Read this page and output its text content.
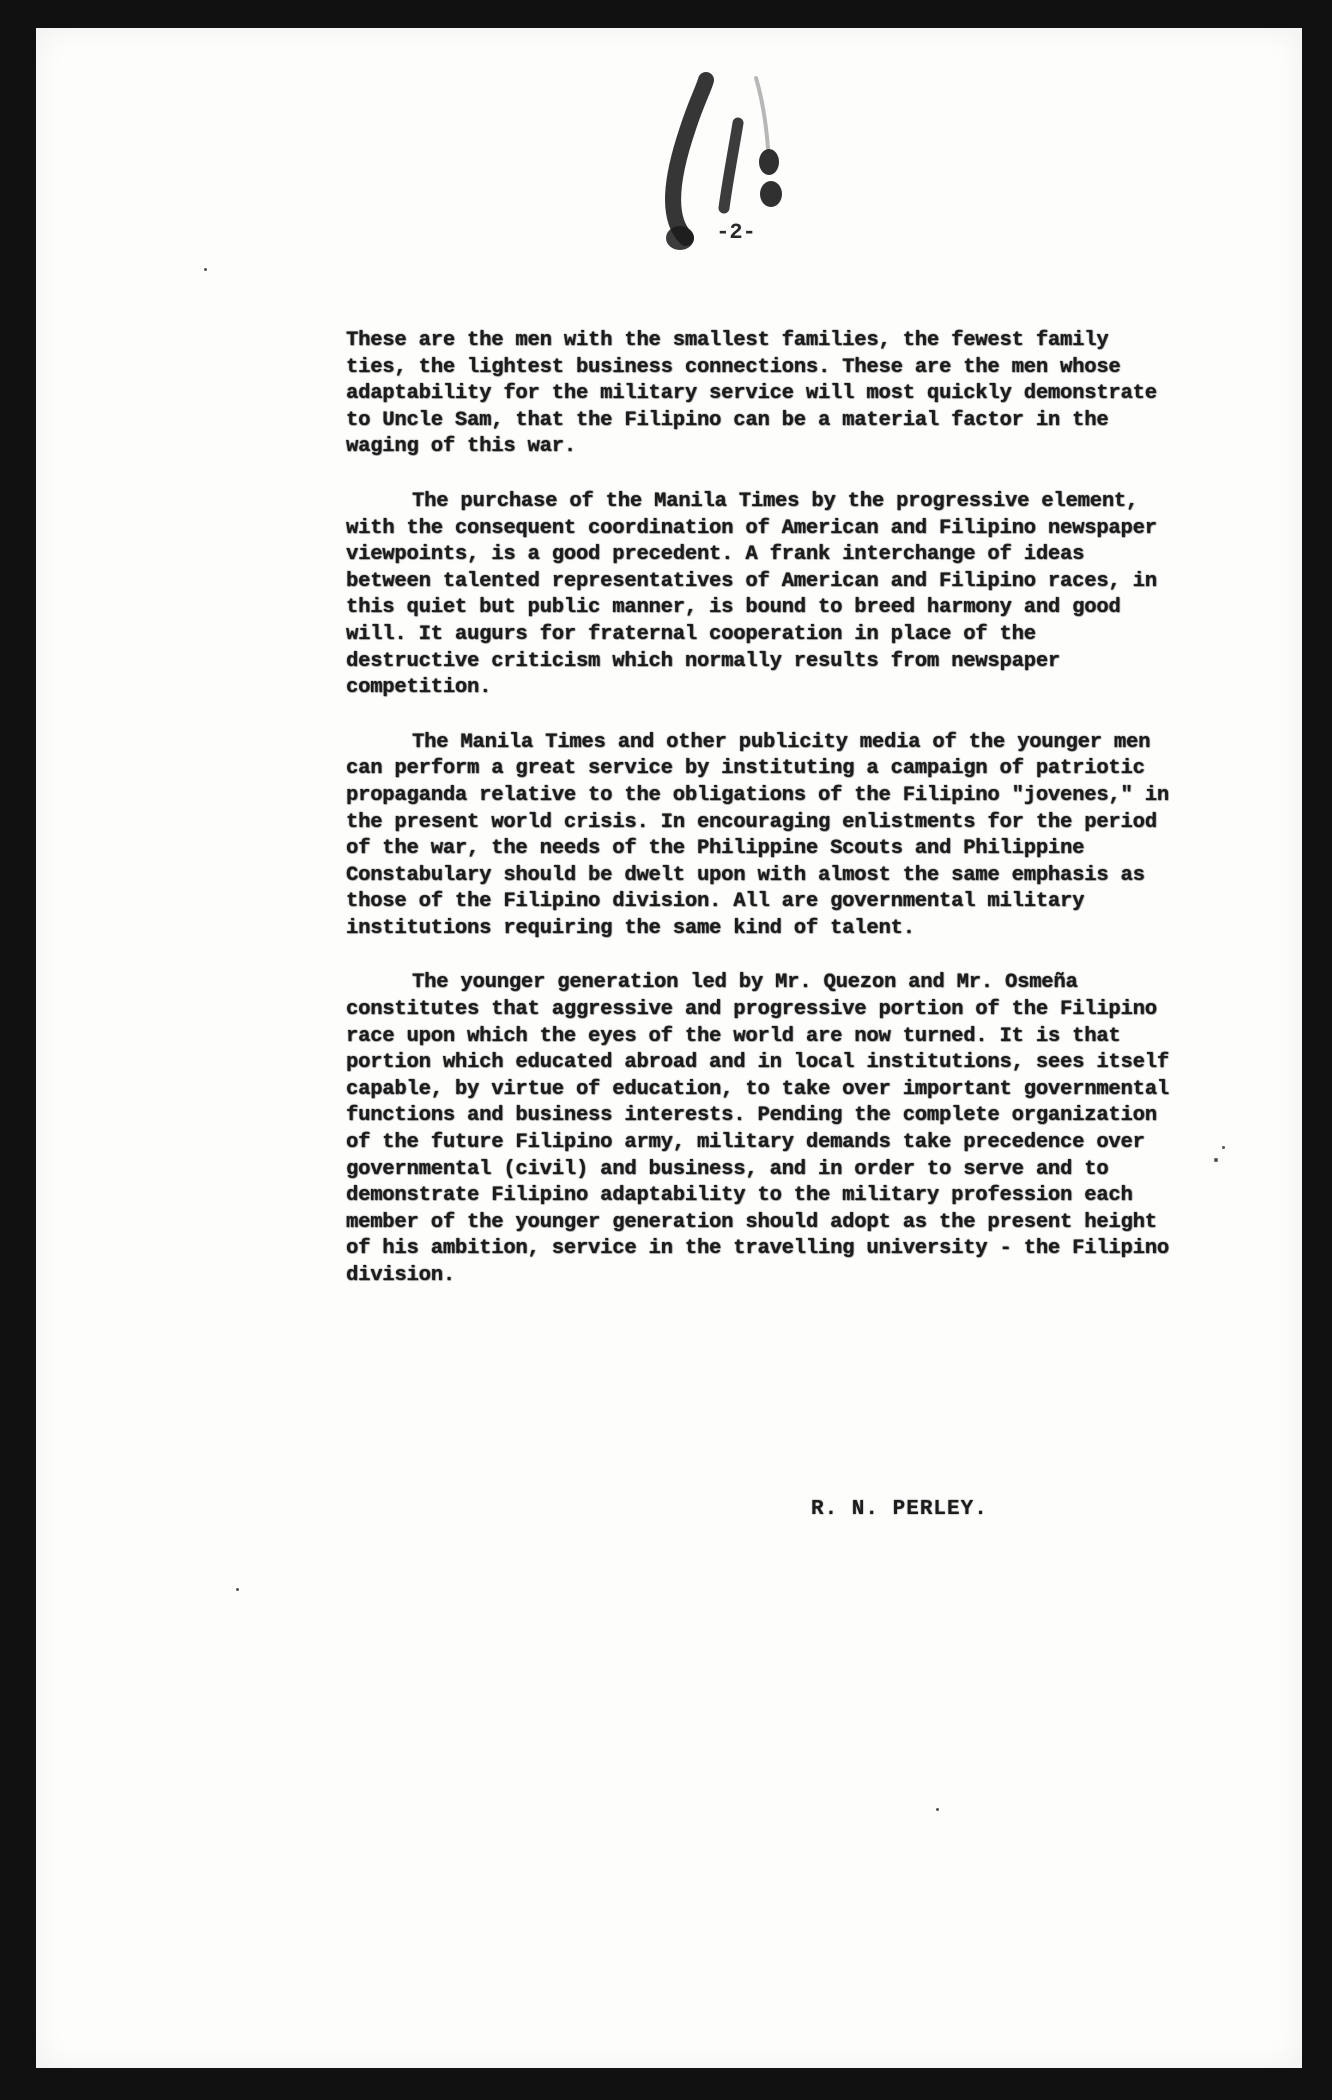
-2-

These are the men with the smallest families, the fewest family ties, the lightest business connections. These are the men whose adaptability for the military service will most quickly demonstrate to Uncle Sam, that the Filipino can be a material factor in the waging of this war.

The purchase of the Manila Times by the progressive element, with the consequent coordination of American and Filipino newspaper viewpoints, is a good precedent. A frank interchange of ideas between talented representatives of American and Filipino races, in this quiet but public manner, is bound to breed harmony and good will. It augurs for fraternal cooperation in place of the destructive criticism which normally results from newspaper competition.

The Manila Times and other publicity media of the younger men can perform a great service by instituting a campaign of patriotic propaganda relative to the obligations of the Filipino "jovenes," in the present world crisis. In encouraging enlistments for the period of the war, the needs of the Philippine Scouts and Philippine Constabulary should be dwelt upon with almost the same emphasis as those of the Filipino division. All are governmental military institutions requiring the same kind of talent.

The younger generation led by Mr. Quezon and Mr. Osmeña constitutes that aggressive and progressive portion of the Filipino race upon which the eyes of the world are now turned. It is that portion which educated abroad and in local institutions, sees itself capable, by virtue of education, to take over important governmental functions and business interests. Pending the complete organization of the future Filipino army, military demands take precedence over governmental (civil) and business, and in order to serve and to demonstrate Filipino adaptability to the military profession each member of the younger generation should adopt as the present height of his ambition, service in the travelling university - the Filipino division.

R. N. PERLEY.
